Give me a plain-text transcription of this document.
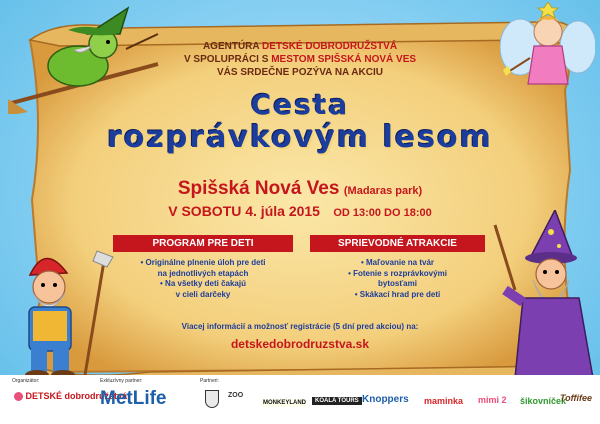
AGENTÚRA DETSKÉ DOBRODRUŽSTVÁ
V SPOLUPRÁCI S MESTOM SPIŠSKÁ NOVÁ VES
VÁS SRDEČNE POZÝVA NA AKCIU
Cesta
rozprávkovým lesom
Spišská Nová Ves (Madaras park)
V SOBOTU 4. júla 2015 OD 13:00 DO 18:00
PROGRAM PRE DETI
• Originálne plnenie úloh pre deti
na jednotlivých etapách
• Na všetky deti čakajú
v cieli darčeky
SPRIEVODNÉ ATRAKCIE
• Maľovanie na tvár
• Fotenie s rozprávkovými
bytosťami
• Skákací hrad pre deti
Viacej informácií a možnosť registrácie (5 dní pred akciou) na:
detskedobrodruzstva.sk
Organizátor:	Exkluzívny partner:	Partneri:
DETSKÉ dobrodružstvá
MetLife	ZOO
MONKEYLAND	KOALA TOURS Knoppers maminka mimi 2 šikovníček
Toffifee
